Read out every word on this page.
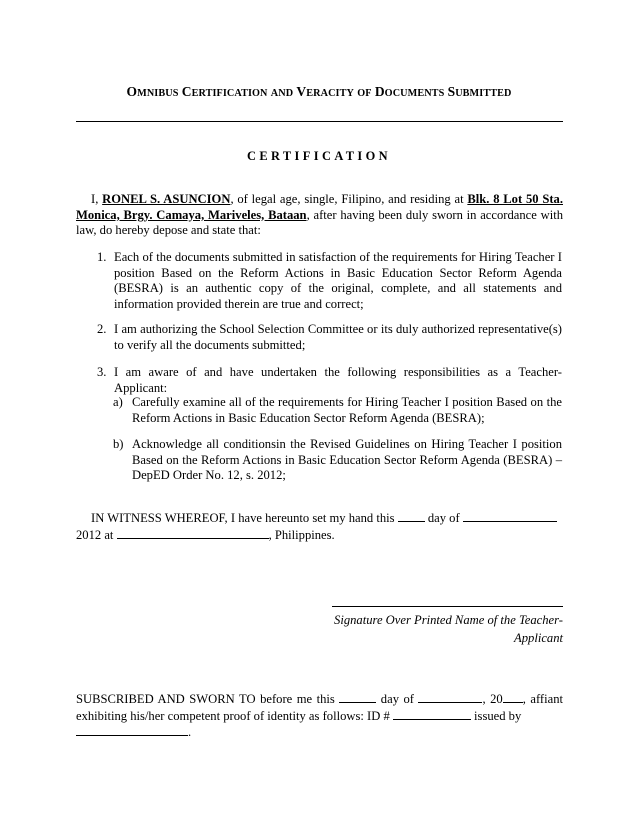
OMNIBUS CERTIFICATION AND VERACITY OF DOCUMENTS SUBMITTED
CERTIFICATION
I, RONEL S. ASUNCION, of legal age, single, Filipino, and residing at Blk. 8 Lot 50 Sta. Monica, Brgy. Camaya, Mariveles, Bataan, after having been duly sworn in accordance with law, do hereby depose and state that:
1. Each of the documents submitted in satisfaction of the requirements for Hiring Teacher I position Based on the Reform Actions in Basic Education Sector Reform Agenda (BESRA) is an authentic copy of the original, complete, and all statements and information provided therein are true and correct;
2. I am authorizing the School Selection Committee or its duly authorized representative(s) to verify all the documents submitted;
3. I am aware of and have undertaken the following responsibilities as a Teacher-Applicant:
a) Carefully examine all of the requirements for Hiring Teacher I position Based on the Reform Actions in Basic Education Sector Reform Agenda (BESRA);
b) Acknowledge all conditionsin the Revised Guidelines on Hiring Teacher I position Based on the Reform Actions in Basic Education Sector Reform Agenda (BESRA) – DepED Order No. 12, s. 2012;
IN WITNESS WHEREOF, I have hereunto set my hand this  day of
2012 at	, Philippines.
Signature Over Printed Name of the Teacher-Applicant
SUBSCRIBED AND SWORN TO before me this	day of	, 20 , affiant exhibiting his/her competent proof of identity as follows: ID #	issued by
.
